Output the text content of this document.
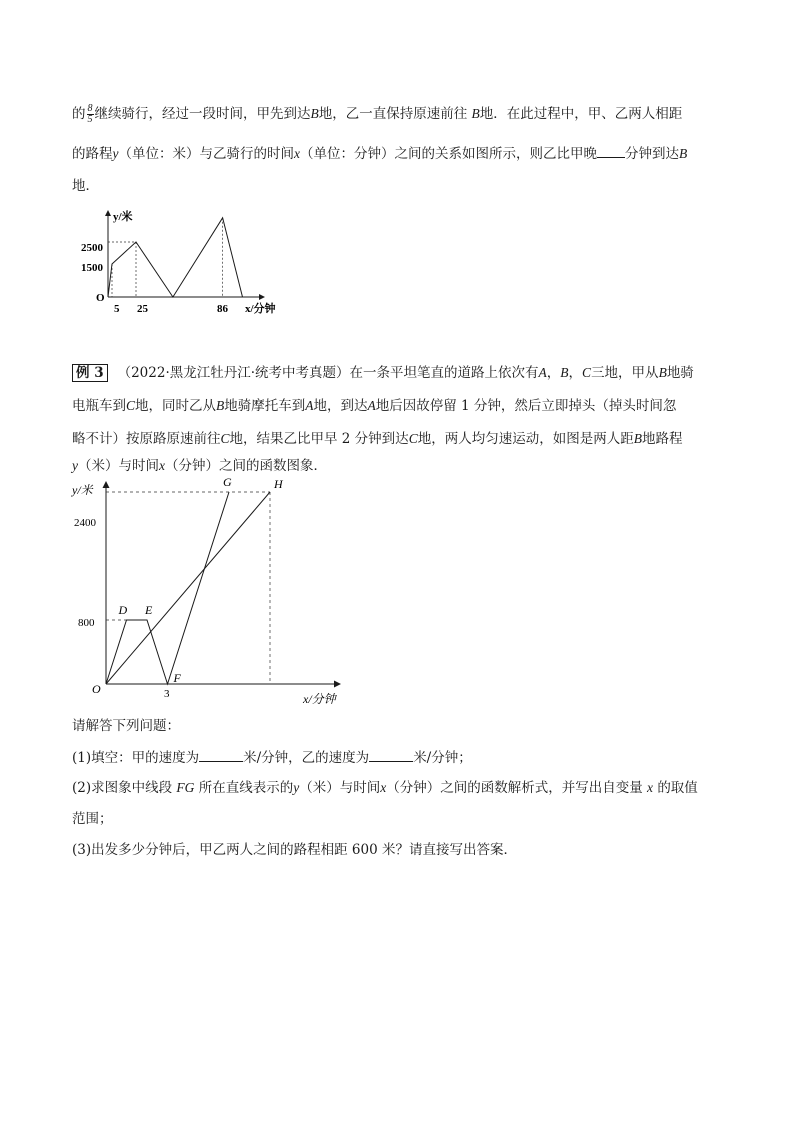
的 $\frac{8}{5}$ 继续骑行，经过一段时间，甲先到达B地，乙一直保持原速前往 B地．在此过程中，甲、乙两人相距
的路程y（单位：米）与乙骑行的时间x（单位：分钟）之间的关系如图所示，则乙比甲晚 分钟到达B
地．
y/米
x/分钟
O
2500
1500
5 25	86
例 3 （2022·黑龙江牡丹江·统考中考真题）在一条平坦笔直的道路上依次有A，B，C三地，甲从B地骑
电瓶车到C地，同时乙从B地骑摩托车到A地，到达A地后因故停留 1 分钟，然后立即掉头（掉头时间忽
略不计）按原路原速前往C地，结果乙比甲早 2 分钟到达C地，两人均匀速运动，如图是两人距B地路程
y（米）与时间x（分钟）之间的函数图象．
D E
F
G	H
y/米
x/分钟
O
2400
800
3
请解答下列问题：
(1)填空：甲的速度为	米/分钟，乙的速度为	米/分钟；
(2)求图象中线段 FG 所在直线表示的y（米）与时间x（分钟）之间的函数解析式，并写出自变量 x 的取值
范围；
(3)出发多少分钟后，甲乙两人之间的路程相距 600 米？请直接写出答案．
